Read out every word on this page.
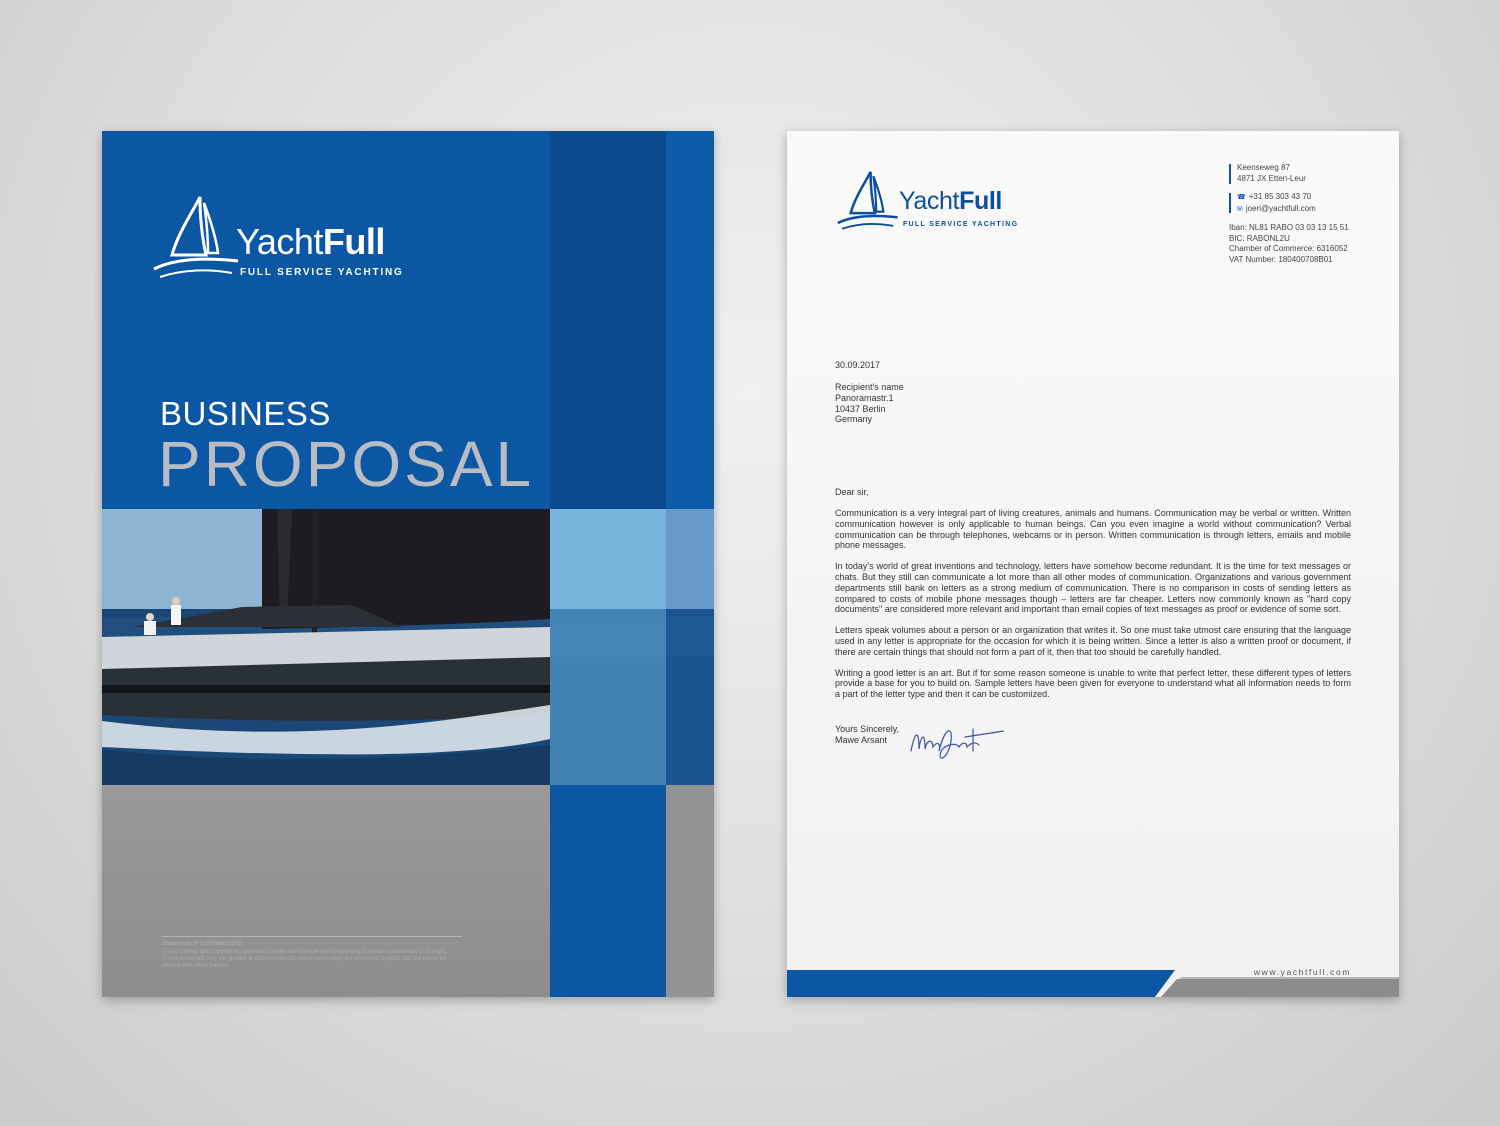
YachtFull
FULL SERVICE YACHTING
BUSINESS
PROPOSAL
Statement of Confidentiality
This proposal and supporting materials contain confidential and proprietary business information of Gomph. These materials may be printed or photocopied for use in evaluating the proposed project, but are not to be shared with other parties.
YachtFull
FULL SERVICE YACHTING
Keenseweg 87
4871 JX Etten-Leur
☎ +31 85 303 43 70
✉ joeri@yachtfull.com
Iban: NL81 RABO 03 03 13 15 51
BIC: RABONL2U
Chamber of Commerce: 6316052
VAT Number: 180400708B01
30.09.2017
Recipient's name
Panoramastr.1
10437 Berlin
Germany
Dear sir,

Communication is a very integral part of living creatures, animals and humans. Communication may be verbal or written. Written communication however is only applicable to human beings. Can you even imagine a world without communication? Verbal communication can be through telephones, webcams or in person. Written communication is through letters, emails and mobile phone messages.

In today's world of great inventions and technology, letters have somehow become redundant. It is the time for text messages or chats. But they still can communicate a lot more than all other modes of communication. Organizations and various government departments still bank on letters as a strong medium of communication. There is no comparison in costs of sending letters as compared to costs of mobile phone messages though – letters are far cheaper. Letters now commonly known as "hard copy documents" are considered more relevant and important than email copies of text messages as proof or evidence of some sort.

Letters speak volumes about a person or an organization that writes it. So one must take utmost care ensuring that the language used in any letter is appropriate for the occasion for which it is being written. Since a letter is also a written proof or document, if there are certain things that should not form a part of it, then that too should be carefully handled.

Writing a good letter is an art. But if for some reason someone is unable to write that perfect letter, these different types of letters provide a base for you to build on. Sample letters have been given for everyone to understand what all information needs to form a part of the letter type and then it can be customized.

Yours Sincerely,
Mawe Arsant
www.yachtfull.com
